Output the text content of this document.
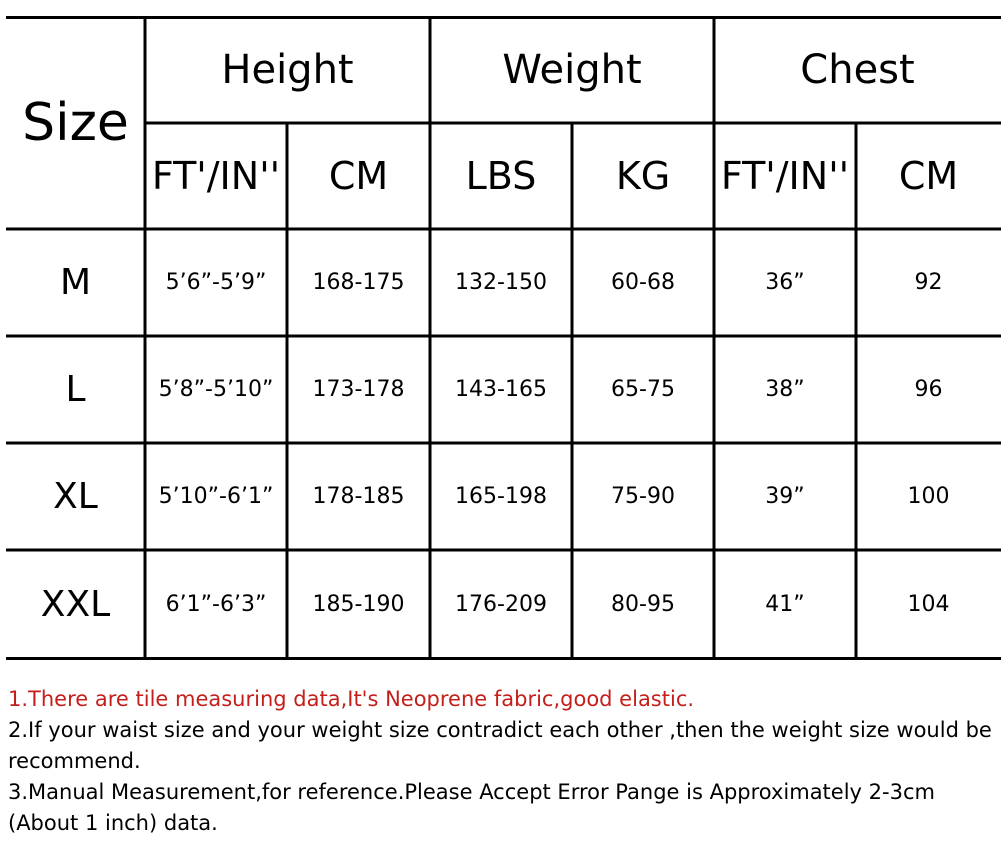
Size
Height	Weight	Chest
FT'/IN''	CM	LBS	KG	FT'/IN''	CM
M	5’6”-5’9”	168-175	132-150	60-68	36”	92
L	5’8”-5’10”	173-178	143-165	65-75	38”	96
XL	5’10”-6’1”	178-185	165-198	75-90	39”	100
XXL	6’1”-6’3”	185-190	176-209	80-95	41”	104
1.There are tile measuring data,It's Neoprene fabric,good elastic.
2.If your waist size and your weight size contradict each other ,then the weight size would be recommend.
3.Manual Measurement,for reference.Please Accept Error Pange is Approximately 2-3cm (About 1 inch) data.
